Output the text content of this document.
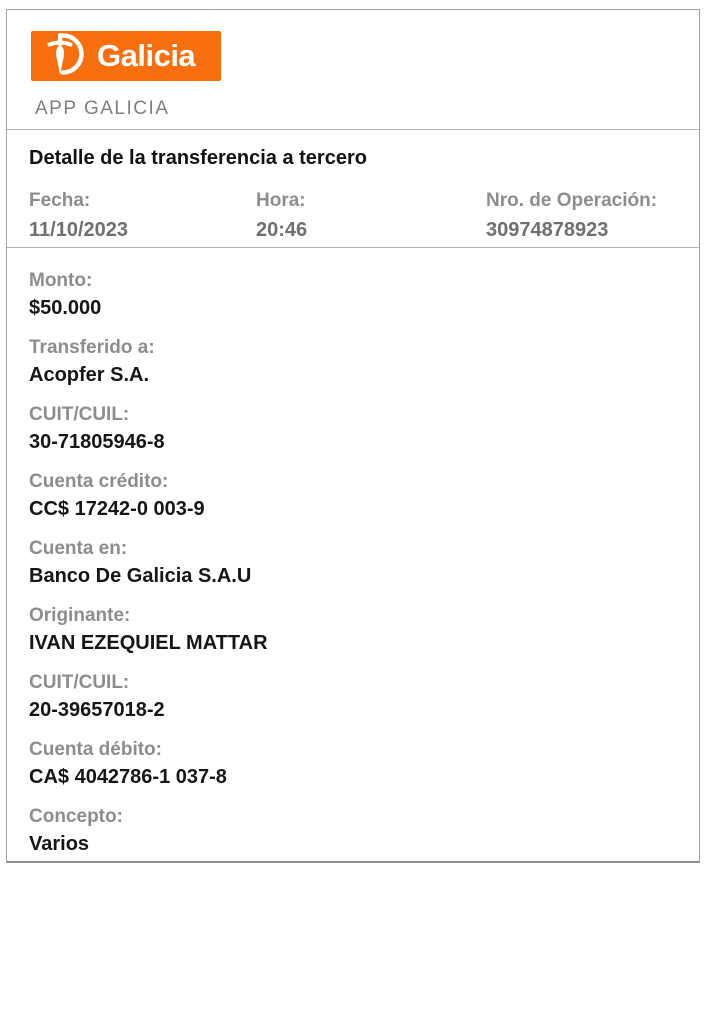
Galicia
APP GALICIA
Detalle de la transferencia a tercero
Fecha:
11/10/2023
Hora:
20:46
Nro. de Operación:
30974878923
Monto:
$50.000
Transferido a:
Acopfer S.A.
CUIT/CUIL:
30-71805946-8
Cuenta crédito:
CC$ 17242-0 003-9
Cuenta en:
Banco De Galicia S.A.U
Originante:
IVAN EZEQUIEL MATTAR
CUIT/CUIL:
20-39657018-2
Cuenta débito:
CA$ 4042786-1 037-8
Concepto:
Varios
